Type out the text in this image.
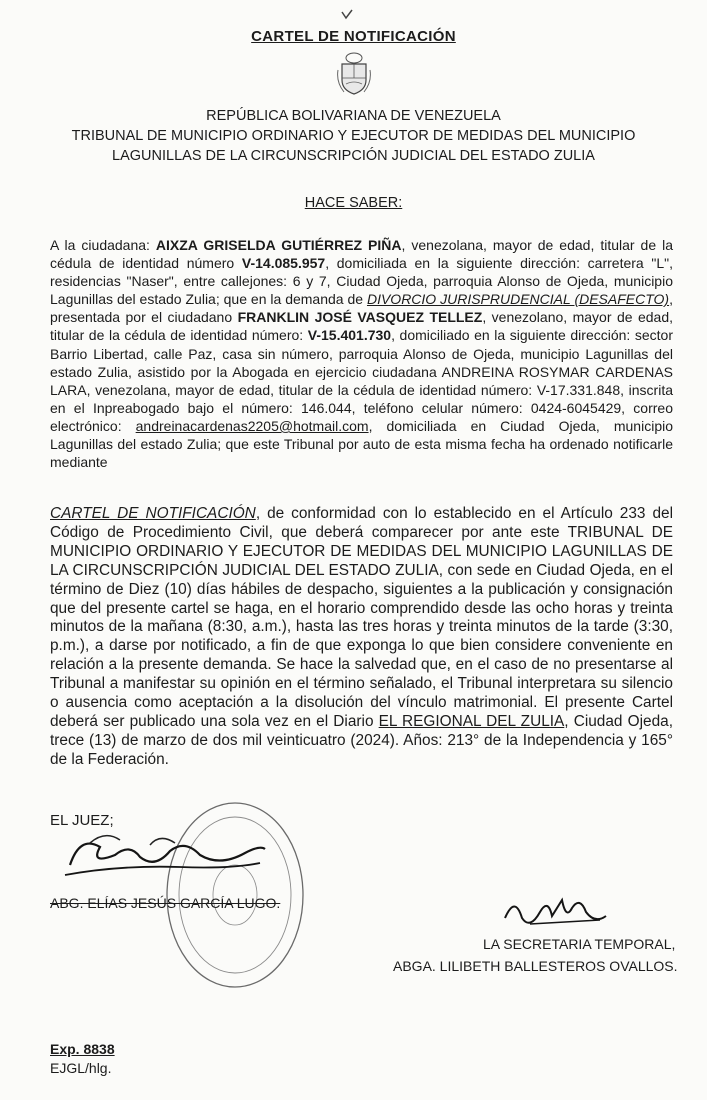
CARTEL DE NOTIFICACIÓN
REPÚBLICA BOLIVARIANA DE VENEZUELA
TRIBUNAL DE MUNICIPIO ORDINARIO Y EJECUTOR DE MEDIDAS DEL MUNICIPIO
LAGUNILLAS DE LA CIRCUNSCRIPCIÓN JUDICIAL DEL ESTADO ZULIA
HACE SABER:
A la ciudadana: AIXZA GRISELDA GUTIÉRREZ PIÑA, venezolana, mayor de edad, titular de la cédula de identidad número V-14.085.957, domiciliada en la siguiente dirección: carretera "L", residencias "Naser", entre callejones: 6 y 7, Ciudad Ojeda, parroquia Alonso de Ojeda, municipio Lagunillas del estado Zulia; que en la demanda de DIVORCIO JURISPRUDENCIAL (DESAFECTO), presentada por el ciudadano FRANKLIN JOSÉ VASQUEZ TELLEZ, venezolano, mayor de edad, titular de la cédula de identidad número: V-15.401.730, domiciliado en la siguiente dirección: sector Barrio Libertad, calle Paz, casa sin número, parroquia Alonso de Ojeda, municipio Lagunillas del estado Zulia, asistido por la Abogada en ejercicio ciudadana ANDREINA ROSYMAR CARDENAS LARA, venezolana, mayor de edad, titular de la cédula de identidad número: V-17.331.848, inscrita en el Inpreabogado bajo el número: 146.044, teléfono celular número: 0424-6045429, correo electrónico: andreinacardenas2205@hotmail.com, domiciliada en Ciudad Ojeda, municipio Lagunillas del estado Zulia; que este Tribunal por auto de esta misma fecha ha ordenado notificarle mediante
CARTEL DE NOTIFICACIÓN, de conformidad con lo establecido en el Artículo 233 del Código de Procedimiento Civil, que deberá comparecer por ante este TRIBUNAL DE MUNICIPIO ORDINARIO Y EJECUTOR DE MEDIDAS DEL MUNICIPIO LAGUNILLAS DE LA CIRCUNSCRIPCIÓN JUDICIAL DEL ESTADO ZULIA, con sede en Ciudad Ojeda, en el término de Diez (10) días hábiles de despacho, siguientes a la publicación y consignación que del presente cartel se haga, en el horario comprendido desde las ocho horas y treinta minutos de la mañana (8:30, a.m.), hasta las tres horas y treinta minutos de la tarde (3:30, p.m.), a darse por notificado, a fin de que exponga lo que bien considere conveniente en relación a la presente demanda. Se hace la salvedad que, en el caso de no presentarse al Tribunal a manifestar su opinión en el término señalado, el Tribunal interpretara su silencio o ausencia como aceptación a la disolución del vínculo matrimonial. El presente Cartel deberá ser publicado una sola vez en el Diario EL REGIONAL DEL ZULIA, Ciudad Ojeda, trece (13) de marzo de dos mil veinticuatro (2024). Años: 213° de la Independencia y 165° de la Federación.
EL JUEZ;
ABG. ELÍAS JESÚS GARCÍA LUGO.
LA SECRETARIA TEMPORAL,
ABGA. LILIBETH BALLESTEROS OVALLOS.
Exp. 8838
EJGL/hlg.
